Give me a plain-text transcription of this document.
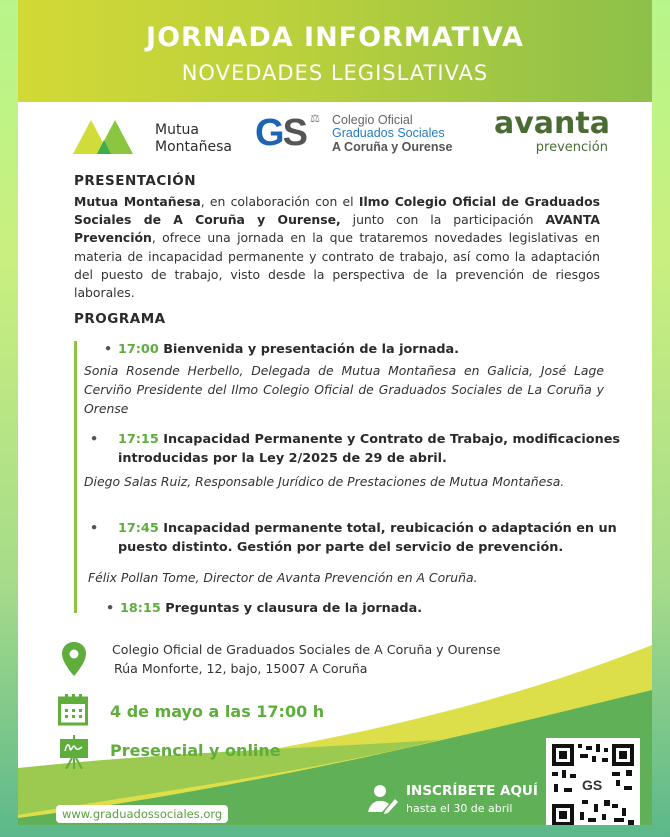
JORNADA INFORMATIVA
NOVEDADES LEGISLATIVAS
Mutua
Montañesa GS ⚖ Colegio Oficial
Graduados Sociales
A Coruña y Ourense
avanta
prevención
PRESENTACIÓN
Mutua Montañesa, en colaboración con el Ilmo Colegio Oficial de Graduados Sociales de A Coruña y Ourense, junto con la participación AVANTA Prevención, ofrece una jornada en la que trataremos novedades legislativas en materia de incapacidad permanente y contrato de trabajo, así como la adaptación del puesto de trabajo, visto desde la perspectiva de la prevención de riesgos laborales.
PROGRAMA
• 17:00 Bienvenida y presentación de la jornada.
Sonia Rosende Herbello, Delegada de Mutua Montañesa en Galicia, José Lage Cerviño Presidente del Ilmo Colegio Oficial de Graduados Sociales de La Coruña y Orense
• 17:15 Incapacidad Permanente y Contrato de Trabajo, modificaciones introducidas por la Ley 2/2025 de 29 de abril.
Diego Salas Ruiz, Responsable Jurídico de Prestaciones de Mutua Montañesa.
• 17:45 Incapacidad permanente total, reubicación o adaptación en un puesto distinto. Gestión por parte del servicio de prevención.
Félix Pollan Tome, Director de Avanta Prevención en A Coruña.
• 18:15 Preguntas y clausura de la jornada.
Colegio Oficial de Graduados Sociales de A Coruña y Ourense
Rúa Monforte, 12, bajo, 15007 A Coruña
4 de mayo a las 17:00 h
Presencial y online
www.graduadossociales.org
INSCRÍBETE AQUÍ
hasta el 30 de abril
GS
